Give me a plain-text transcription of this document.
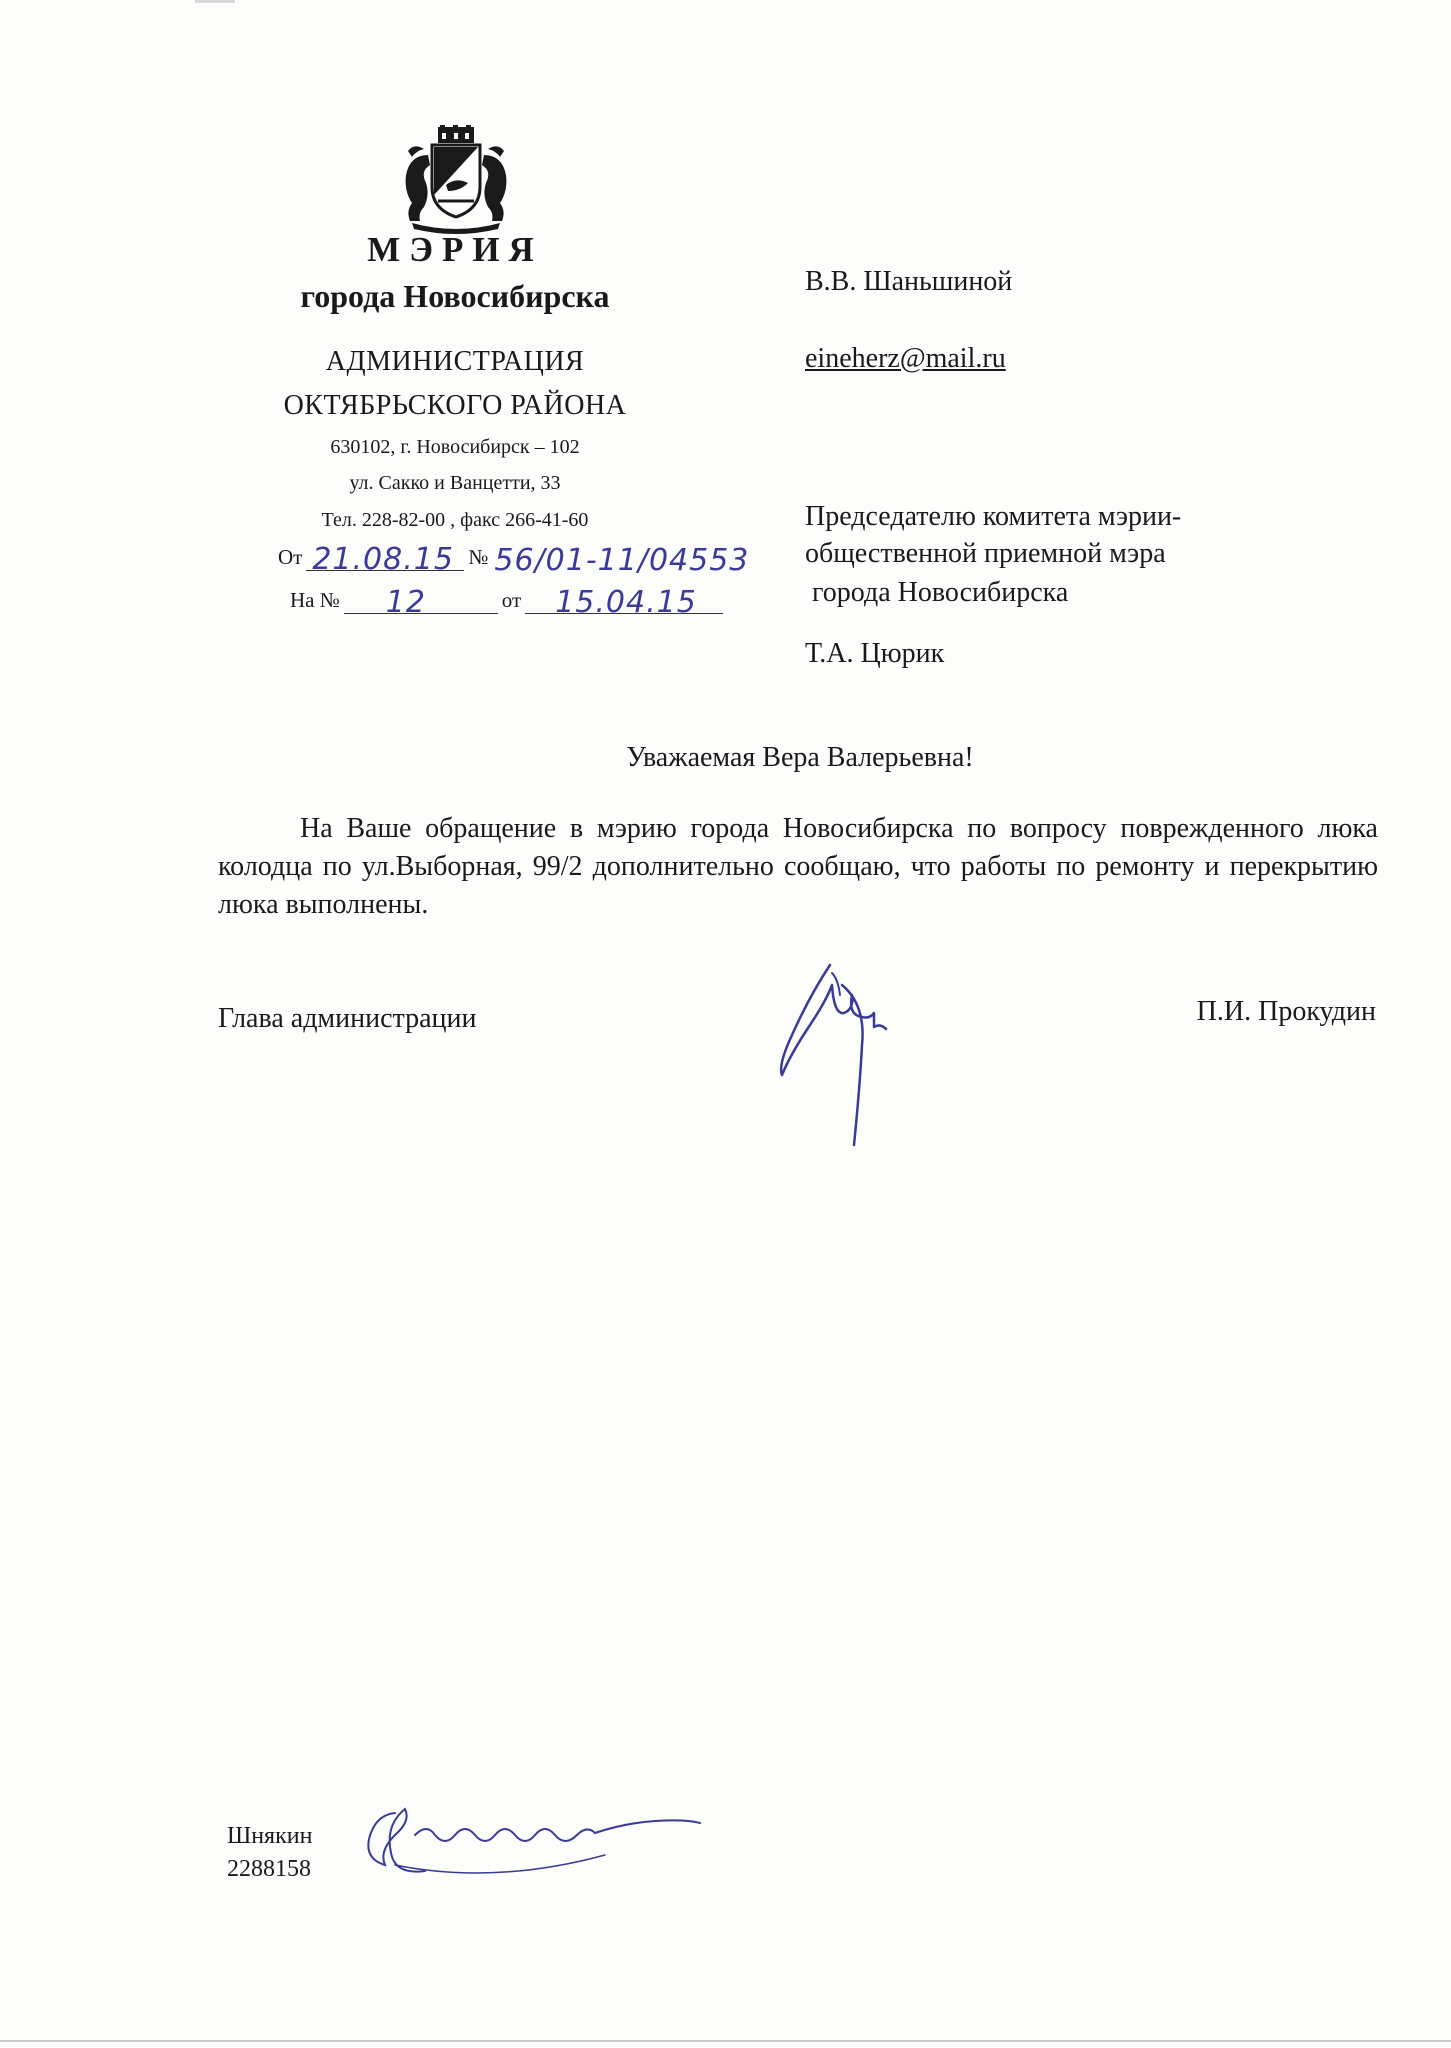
МЭРИЯ
города Новосибирска
АДМИНИСТРАЦИЯ
ОКТЯБРЬСКОГО РАЙОНА
630102, г. Новосибирск – 102
ул. Сакко и Ванцетти, 33
Тел. 228-82-00 , факс 266-41-60
От 21.08.15 № 56/01-11/04553
На № 12	от 15.04.15
В.В. Шаньшиной
eineherz@mail.ru
Председателю комитета мэрии-
общественной приемной мэра
города Новосибирска
Т.А. Цюрик
Уважаемая Вера Валерьевна!

На Ваше обращение в мэрию города Новосибирска по вопросу поврежденного люка колодца по ул.Выборная, 99/2 дополнительно сообщаю, что работы по ремонту и перекрытию люка выполнены.

Глава администрации	П.И. Прокудин
Шнякин
2288158
